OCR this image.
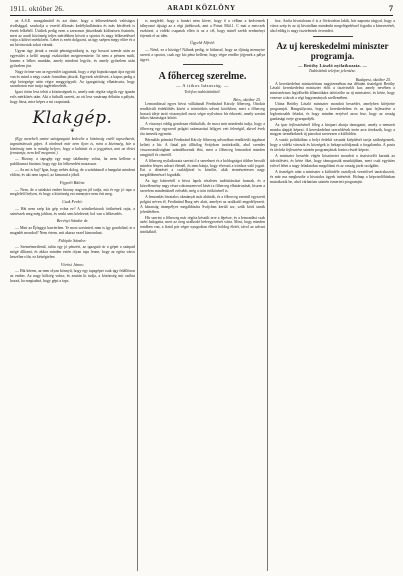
1911. október 26.	ARADI KÖZLÖNY	7

az A.S.E. mozgalmától és azt tűzte, hogy a lelkesedésnek valóságos riválsággal, szurkolja a vezető állomás kedélyhullámára és más kérdések is érzett lelkéből. Ürültek pedig ezen a szezonon játszóknak különösen őszintén, mert az aradi közönség teljes mértékben követi a sportot és nagy lelkesedéssel várja a kihívó mérkőzést. Lehet is ezért dolgozni, az ügy szépen megy előre és a mi kíváncsiak sokat várnak.

Ugyan úgy jártak a vasúti pénzügynökség is, egy hosszú szemle után az egyesület a kellő anyagi eszközöket megteremtette. Itt nem a pénzen múlt, hanem a lelkes munkán, amely mindent legyőz, és amely győzelem után győzelem jön.

Nagy öröme van az egyesület tagjainak, hogy a régi bajnokcsapat újra együtt van és mind a négy csatár formában játszik. Egyesek sérüléseit, a kapus pedig a régi betegsége után végre meggyógyult. Az igazgatóság elhatározta, hogy szombaton este tartja tagértekezletét.

Igazi öröm lesz tehát a közönségnek is, amely már régóta vágyik egy igazán erős mérkőzés után. Aki a futballt szereti, az ott lesz vasárnap délután a pályán, hogy lássa, mire képes a mi csapatunk.

Klakgép.
❦

(Egy mesebeli amint színigazgató kedvelte a közönség estéli tapsviharát, tagmártánsait gépet. A tömbnek már nem ilyen is, mint a közönség, bár a közönség nem is mindig helyes; hogy a kultúrát és a jegypénzt, ami az életet fenntartja, nem kell megvetni.)

— Bizony, a tapsgép egy nagy találmány volna, ha nem kellene a publikumot biztatni, hogy egy kis lelkesedést mutasson.

— Az mi is baj? Igaz, hogy nehéz dolog, de a színháznál a hangulat mindent eldönt, és aki nem tapsol, az kimarad a jóból.

Figyelő Bálint:

— Nem, de a színházi ember bizony nagyon jól tudja, mit ér egy jó taps a megfelelő helyen, és hogy a közönség ezt mennyire nem érti meg.

Csak Ferkó:

— Hát nem szép kis gép volna ez? A színdirektorok örülnének rajta, a színészek meg még jobban, és senki sem kérdezné, hol van a lelkesedés.

Berényi Sándor dr.

— Mint az Éjfaggyi karrierben. Te most szerinted, nem is így gondoltad, te a magadét mondod? Nem értem, mit akarsz ezzel kimondani.

Fülöpke Sándor:

— Szemérmetlenül, talán egy jó pénzért, az igazgató úr a gépet a színpad mögé állítaná, és akkor minden estén olyan taps lenne, hogy az egész város beszélne róla; ez kétségtelen.

Vörösi János:

— Hát kérem, az nem olyan könnyű, hogy egy tapsgépet csak úgy felállítson az ember. Az nagy költség volna; és azután ki tudja, a közönség mit szólna hozzá, ha megtudná, hogy gépi a taps.

is megfelel, hogy a honári nem követ, hogy ő a célban a kedvesnek túlnyomó tájsági az a régi játékosok, ami a Priust Múl.1. C mai a meccsek eszközei, a vidéki csapatok ellen is az a cél, hogy minél szebb eredményt érjenek el az idén.

Ügyeld Alfréd:

— Nézd, ez a közügy! Nálunk pedig, te láthatod, hogy az ifjúság mennyire szereti a sportot, csak egy kis pénz kellene, hogy végre rendbe jöjjenek a pálya ügyei.

A főherceg szerelme.
— A titkos házasság. —
Telefon tudósítónktól.
Bécs, október 25.

Lemondással egyes bécsi vállalatnál Ferdinánd Károly főherceg, Ottokár rendkívüli érdeklődés kíséri a trónörökös udvari körökben, mert a főherceg hosszú ideje tartó viszonyáról most végre nyilvános hír érkezett, amely szerint titkos házasságot kötött.

A viszonyt eddig gondosan eltitkolták, de most már mindenki tudja, hogy a főherceg egy egyszerű polgári származású hölgyet vett feleségül, akivel évek óta ismerik egymást.

Bérmálás prímásá Ferdinánd Károly főherceg udvarában rendkívüli izgalmat keltett a hír. A fiatal pár állítólag Svájcban tartózkodik, ahol csendes visszavonultságban szándékoznak élni, mert a főherceg lemondott minden rangjáról és címéről.

A főherceg nyilatkozata szerint ő a szerelmet és a boldogságot többre becsüli minden fényes udvari életnél, és nem bánja, hogy elveszti a trónhoz való jogait. Ezt a döntését a családjával is közölte, akik természetesen nagy megdöbbenéssel fogadták.

Az ügy hátteréről a bécsi lapok részletes tudósításokat hoznak, és a közvélemény nagy része rokonszenvvel kíséri a főherceg elhatározását, hiszen a szerelem mindenkinél erősebb, még a trón örökösénél is.

A lemondás hivatalos okmányát már aláírták, és a főherceg ezentúl egyszerű polgári néven él, Ferdinánd Burg név alatt, amelyet az uralkodó engedélyezett. A házasság ünnepélyes megáldására Svájcban került sor, szűk körű tanúk jelenlétében.

Hír szerint a főherceg már régóta készült erre a lépésre, és a lemondást csak azért halogatta, mert az öreg uralkodó beleegyezését várta. Most, hogy minden rendben van, a fiatal pár végre nyugodtan élheti boldog életét, távol az udvari intrikáktól.

hoz. Azóta hivatalosan ő is a fővárosban lakik, bár naponta tárgyal, hogy a város szép és az új hivatalban mindenki megelégedéssel fogadta a kinevezését, ahol eddig is nagy tiszteletnek örvendett.

Az uj kereskedelmi miniszter programja.
— Beöthy László nyilatkozata. —
Tudósítónk telefon jelentése.
Budapest, október 25.

A kereskedelmi minisztérium nagyterméban ma délután tisztelgett Beöthy László kereskedelmi miniszter előtt a tisztviselői kar, amely nevében a minisztérium legidősebb államtitkára üdvözölte az új minisztert, és kérte, hogy vezesse a tárcát a régi hagyományok szellemében.

Utána Beöthy László miniszter mondott beszédet, amelyben kifejtette programját. Hangsúlyozta, hogy a kereskedelem és az ipar fejlesztése a legfontosabb feladat, és hogy minden erejével azon lesz, hogy az ország gazdasági ereje gyarapodjék.

Az ipar fejlesztésénél főleg a kisipart akarja támogatni, amely a nemzeti munka alapját képezi. A kereskedelmi szerződések terén arra törekszik, hogy a magyar termékeknek új piacokat szerezzen a külföldön.

A vasúti politikában a helyi érdekű vasutak kiépítését tartja szükségesnek, hogy a vidéki városok és községek is bekapcsolódjanak a forgalomba. A posta és távírda fejlesztése szintén programjának fontos részét képezi.

A miniszter beszéde végén köszönetet mondott a tisztviselői karnak az üdvözlésért, és kérte őket, hogy támogassák munkájában, mert csak együttes erővel lehet a nagy feladatokat megoldani és az ország javát szolgálni.

A tisztelgés után a miniszter a különféle osztályok vezetőivel tanácskozott, és már ma megkezdte a hivatalos ügyek intézését. Holnap a képviselőházban mutatkozik be, ahol várhatóan szintén ismerteti programját.
